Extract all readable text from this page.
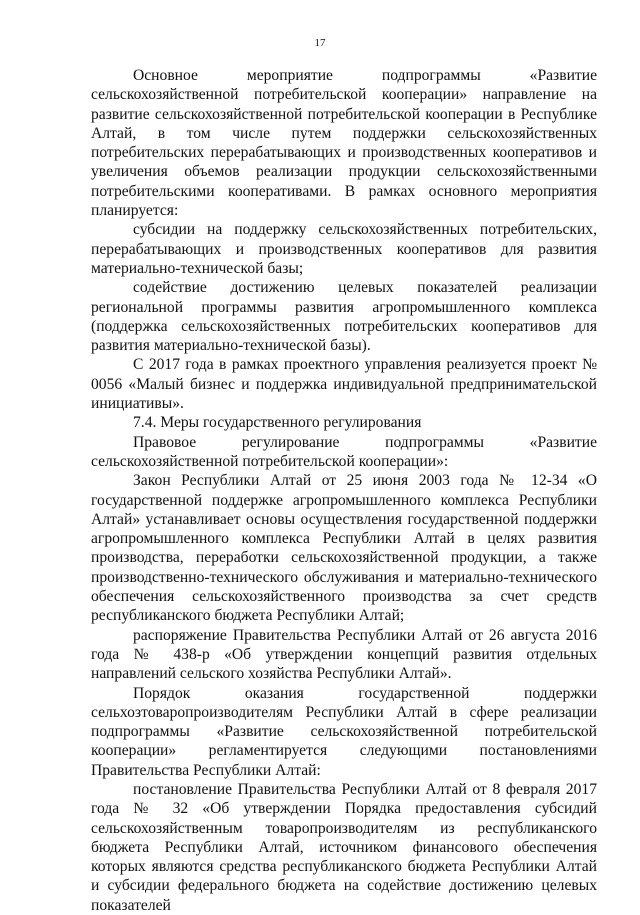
17

Основное мероприятие подпрограммы «Развитие сельскохозяйственной потребительской кооперации» направление на развитие сельскохозяйственной потребительской кооперации в Республике Алтай, в том числе путем поддержки сельскохозяйственных потребительских перерабатывающих и производственных кооперативов и увеличения объемов реализации продукции сельскохозяйственными потребительскими кооперативами. В рамках основного мероприятия планируется:

субсидии на поддержку сельскохозяйственных потребительских, перерабатывающих и производственных кооперативов для развития материально-технической базы;

содействие достижению целевых показателей реализации региональной программы развития агропромышленного комплекса (поддержка сельскохозяйственных потребительских кооперативов для развития материально-технической базы).

С 2017 года в рамках проектного управления реализуется проект № 0056 «Малый бизнес и поддержка индивидуальной предпринимательской инициативы».

7.4. Меры государственного регулирования

Правовое регулирование подпрограммы «Развитие сельскохозяйственной потребительской кооперации»:

Закон Республики Алтай от 25 июня 2003 года № 12-34 «О государственной поддержке агропромышленного комплекса Республики Алтай» устанавливает основы осуществления государственной поддержки агропромышленного комплекса Республики Алтай в целях развития производства, переработки сельскохозяйственной продукции, а также производственно-технического обслуживания и материально-технического обеспечения сельскохозяйственного производства за счет средств республиканского бюджета Республики Алтай;

распоряжение Правительства Республики Алтай от 26 августа 2016 года № 438-р «Об утверждении концепций развития отдельных направлений сельского хозяйства Республики Алтай».

Порядок оказания государственной поддержки сельхозтоваропроизводителям Республики Алтай в сфере реализации подпрограммы «Развитие сельскохозяйственной потребительской кооперации» регламентируется следующими постановлениями Правительства Республики Алтай:

постановление Правительства Республики Алтай от 8 февраля 2017 года № 32 «Об утверждении Порядка предоставления субсидий сельскохозяйственным товаропроизводителям из республиканского бюджета Республики Алтай, источником финансового обеспечения которых являются средства республиканского бюджета Республики Алтай и субсидии федерального бюджета на содействие достижению целевых показателей
